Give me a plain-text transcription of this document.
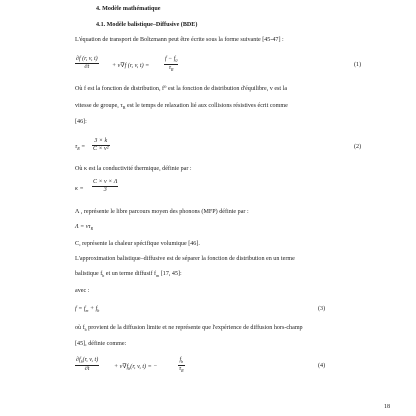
4. Modèle mathématique
4.1. Modèle balistique–Diffusive (BDE)
L'équation de transport de Boltzmann peut être écrite sous la forme suivante [45-47] :
∂f (r, v, t)
∂t	+ v∇f (r, v, t) =
$f - f_0$
$\tau_R$
(1)
Où f est la fonction de distribution, f⁰ est la fonction de distribution d'équilibre, v est la
vitesse de groupe, $\tau_R$ est le temps de relaxation lié aux collisions résistives écrit comme
[46]:
$\tau_R$ =
3 × k
C × v²	(2)
Où κ est la conductivité thermique, définie par :
κ =
C × v × Λ
3
Λ , représente le libre parcours moyen des phonons (MFP) définie par :
$\Lambda = v\tau_R$
C, représente la chaleur spécifique volumique [46].
L'approximation balistique–diffusive est de séparer la fonction de distribution en un terme
balistique $f_b$ et un terme diffusif $f_m$ [17, 45]:
avec :
$f = f_m + f_b$	(3)
où $f_b$ provient de la diffusion limite et ne représente que l'expérience de diffusion hors-champ
[45], définie comme:
$\partial f_b(r$, v, t)
∂t	+ $v\nabla f_b(r$, v, t) = −
$f_b$
$\tau_R$
(4)
18
